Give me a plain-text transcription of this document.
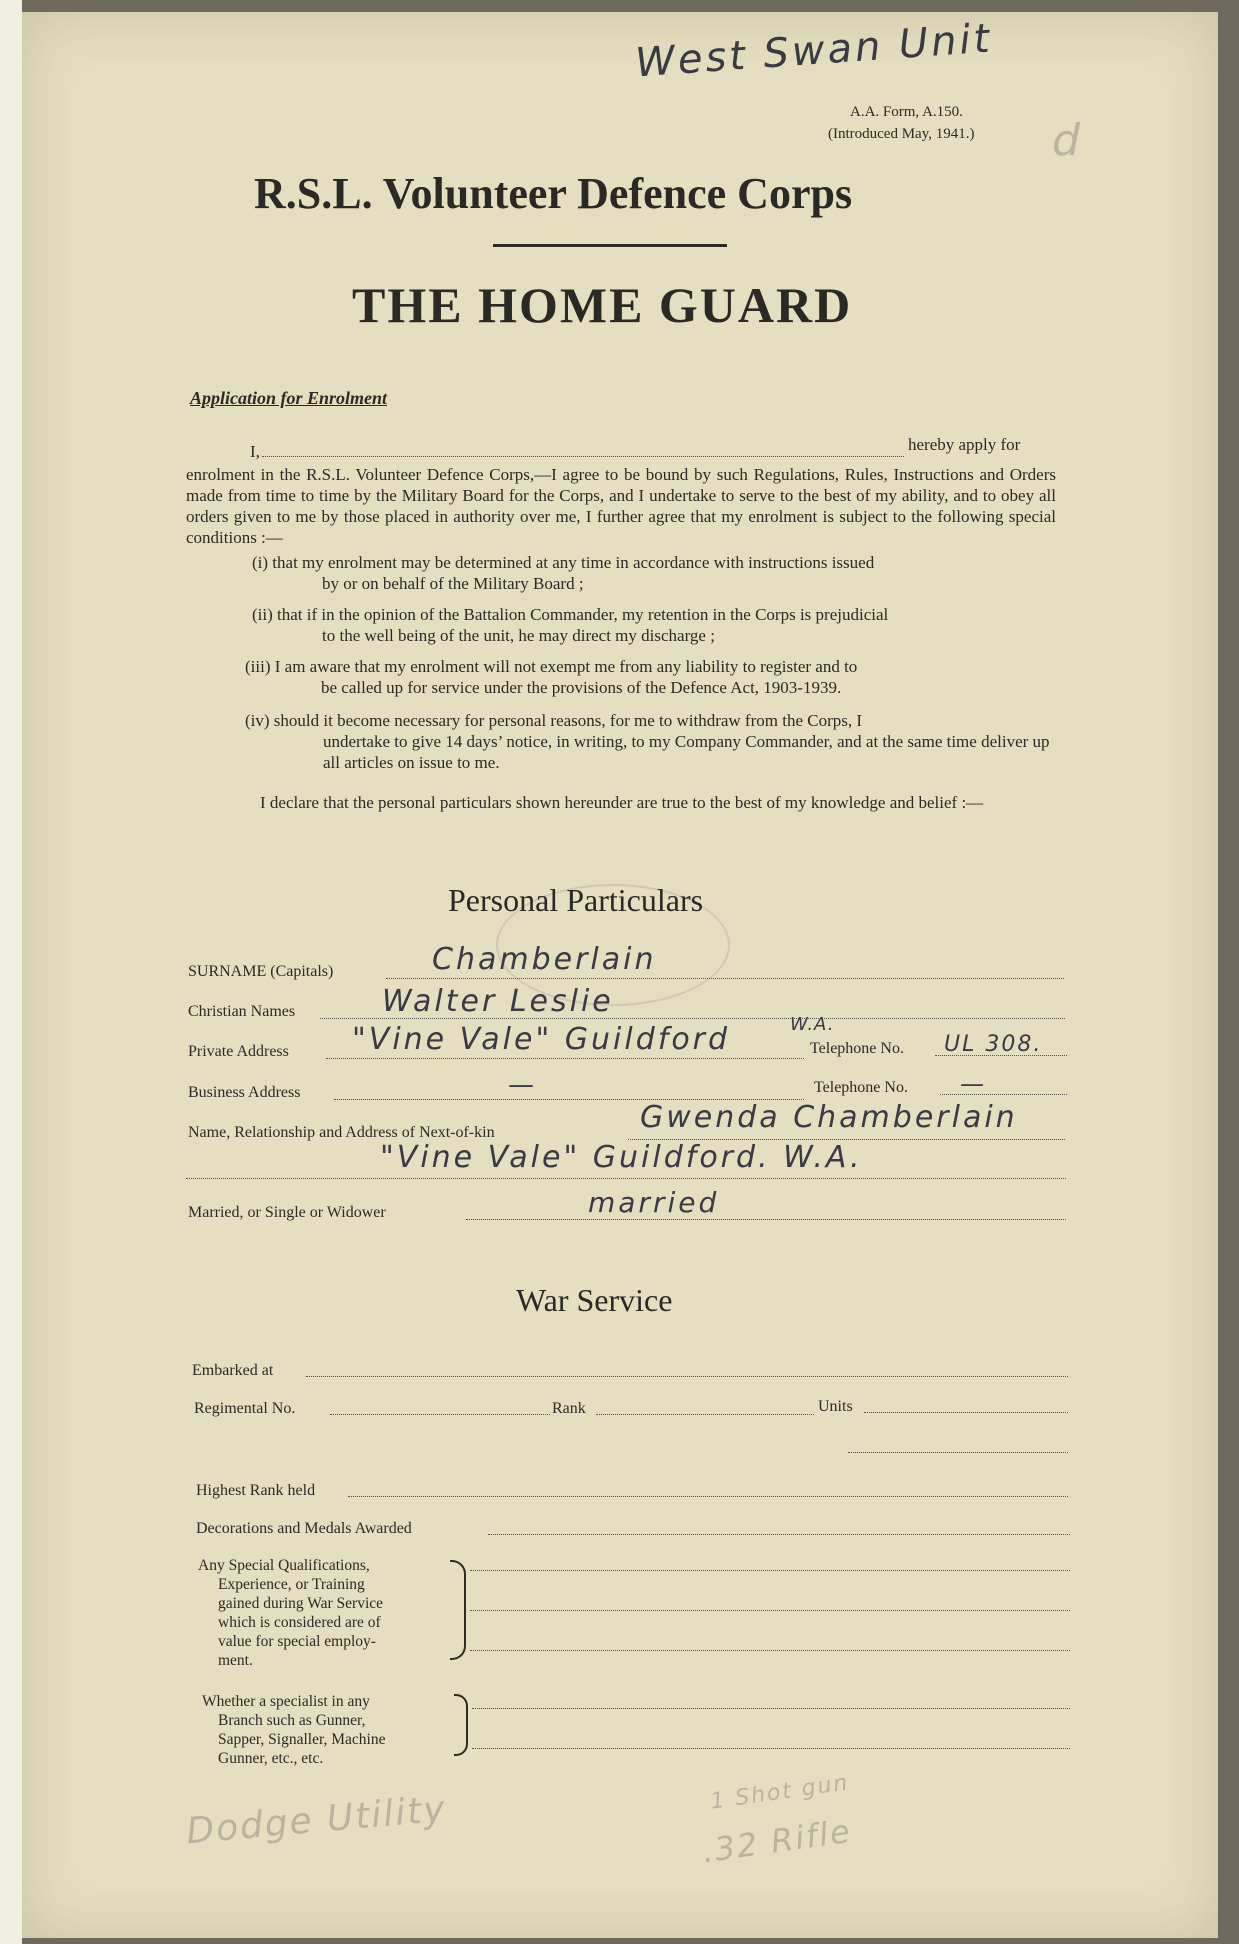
West Swan Unit
A.A. Form, A.150.
(Introduced May, 1941.) d
R.S.L. Volunteer Defence Corps
THE HOME GUARD
Application for Enrolment
I,	hereby apply for
enrolment in the R.S.L. Volunteer Defence Corps,—I agree to be bound by such Regulations, Rules, Instructions and Orders made from time to time by the Military Board for the Corps, and I undertake to serve to the best of my ability, and to obey all orders given to me by those placed in authority over me, I further agree that my enrolment is subject to the following special conditions :—
(i) that my enrolment may be determined at any time in accordance with instructions issued
by or on behalf of the Military Board ;
(ii) that if in the opinion of the Battalion Commander, my retention in the Corps is prejudicial
to the well being of the unit, he may direct my discharge ;
(iii) I am aware that my enrolment will not exempt me from any liability to register and to
be called up for service under the provisions of the Defence Act, 1903-1939.
(iv) should it become necessary for personal reasons, for me to withdraw from the Corps, I

undertake to give 14 days’ notice, in writing, to my Company Commander, and at the same time deliver up all articles on issue to me.
I declare that the personal particulars shown hereunder are true to the best of my knowledge and belief :—
Personal Particulars
SURNAME (Capitals)	Chamberlain
Christian Names	Walter Leslie
Private Address "Vine Vale" Guildford	W.A.
Telephone No. UL 308.
Business Address	—	Telephone No. —
Name, Relationship and Address of Next-of-kin	Gwenda Chamberlain
"Vine Vale" Guildford. W.A.
Married, or Single or Widower	married
War Service
Embarked at
Regimental No.	Rank	Units
Highest Rank held
Decorations and Medals Awarded
Any Special Qualifications,
Experience, or Training
gained during War Service
which is considered are of
value for special employ-
ment.
Whether a specialist in any
Branch such as Gunner,
Sapper, Signaller, Machine
Gunner, etc., etc.
Dodge Utility	1 Shot gun
.32 Rifle
